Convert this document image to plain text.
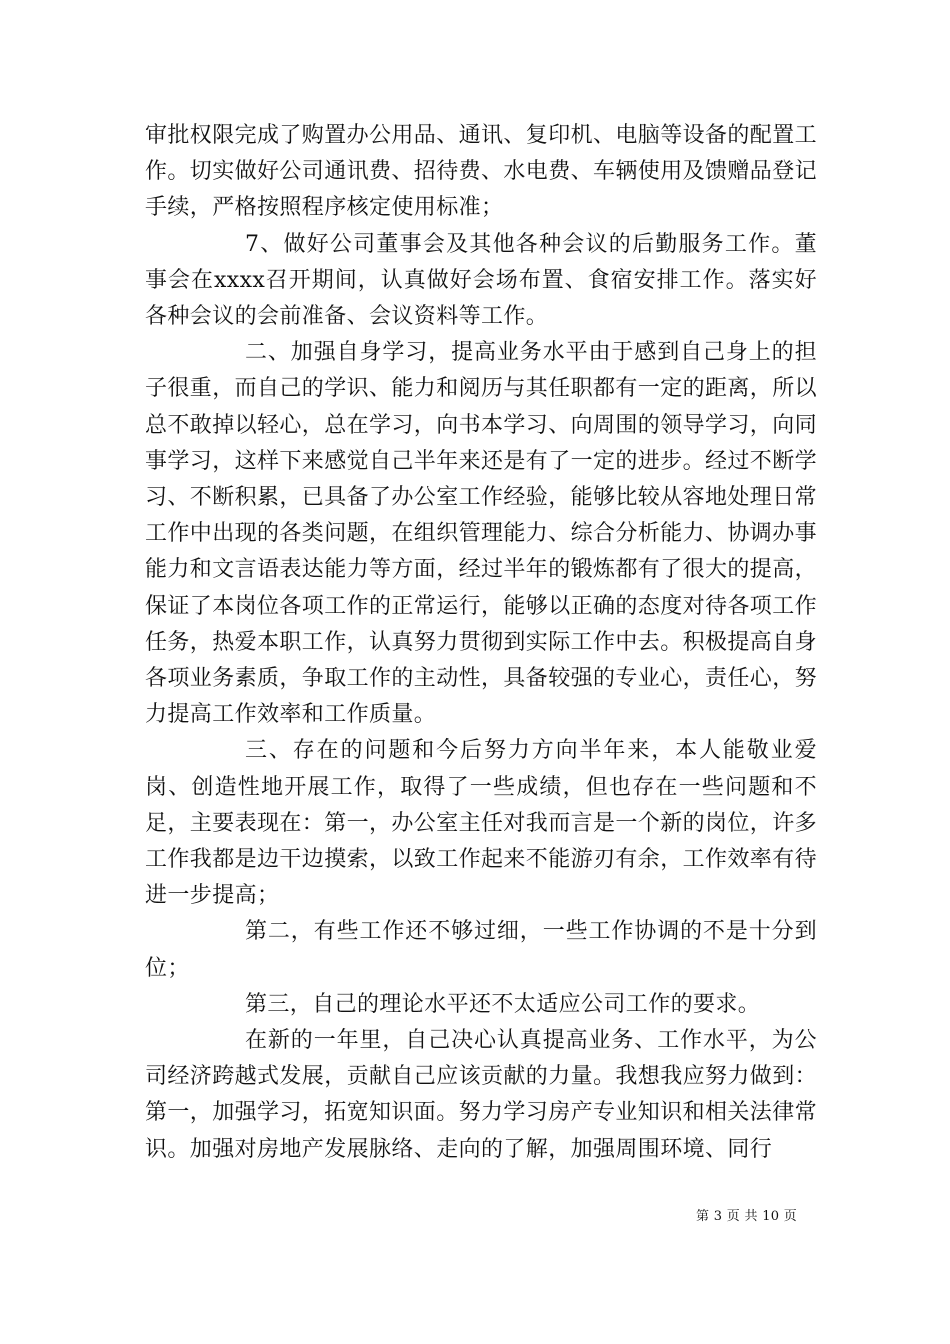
审批权限完成了购置办公用品、通讯、复印机、电脑等设备的配置工作。切实做好公司通讯费、招待费、水电费、车辆使用及馈赠品登记手续，严格按照程序核定使用标准；

7、做好公司董事会及其他各种会议的后勤服务工作。董事会在xxxx召开期间，认真做好会场布置、食宿安排工作。落实好各种会议的会前准备、会议资料等工作。

二、加强自身学习，提高业务水平由于感到自己身上的担子很重，而自己的学识、能力和阅历与其任职都有一定的距离，所以总不敢掉以轻心，总在学习，向书本学习、向周围的领导学习，向同事学习，这样下来感觉自己半年来还是有了一定的进步。经过不断学习、不断积累，已具备了办公室工作经验，能够比较从容地处理日常工作中出现的各类问题，在组织管理能力、综合分析能力、协调办事能力和文言语表达能力等方面，经过半年的锻炼都有了很大的提高，保证了本岗位各项工作的正常运行，能够以正确的态度对待各项工作任务，热爱本职工作，认真努力贯彻到实际工作中去。积极提高自身各项业务素质，争取工作的主动性，具备较强的专业心，责任心，努力提高工作效率和工作质量。

三、存在的问题和今后努力方向半年来，本人能敬业爱岗、创造性地开展工作，取得了一些成绩，但也存在一些问题和不足，主要表现在：第一，办公室主任对我而言是一个新的岗位，许多工作我都是边干边摸索，以致工作起来不能游刃有余，工作效率有待进一步提高；

第二，有些工作还不够过细，一些工作协调的不是十分到位；

第三，自己的理论水平还不太适应公司工作的要求。

在新的一年里，自己决心认真提高业务、工作水平，为公司经济跨越式发展，贡献自己应该贡献的力量。我想我应努力做到：第一，加强学习，拓宽知识面。努力学习房产专业知识和相关法律常识。加强对房地产发展脉络、走向的了解，加强周围环境、同行

第 3 页 共 10 页
